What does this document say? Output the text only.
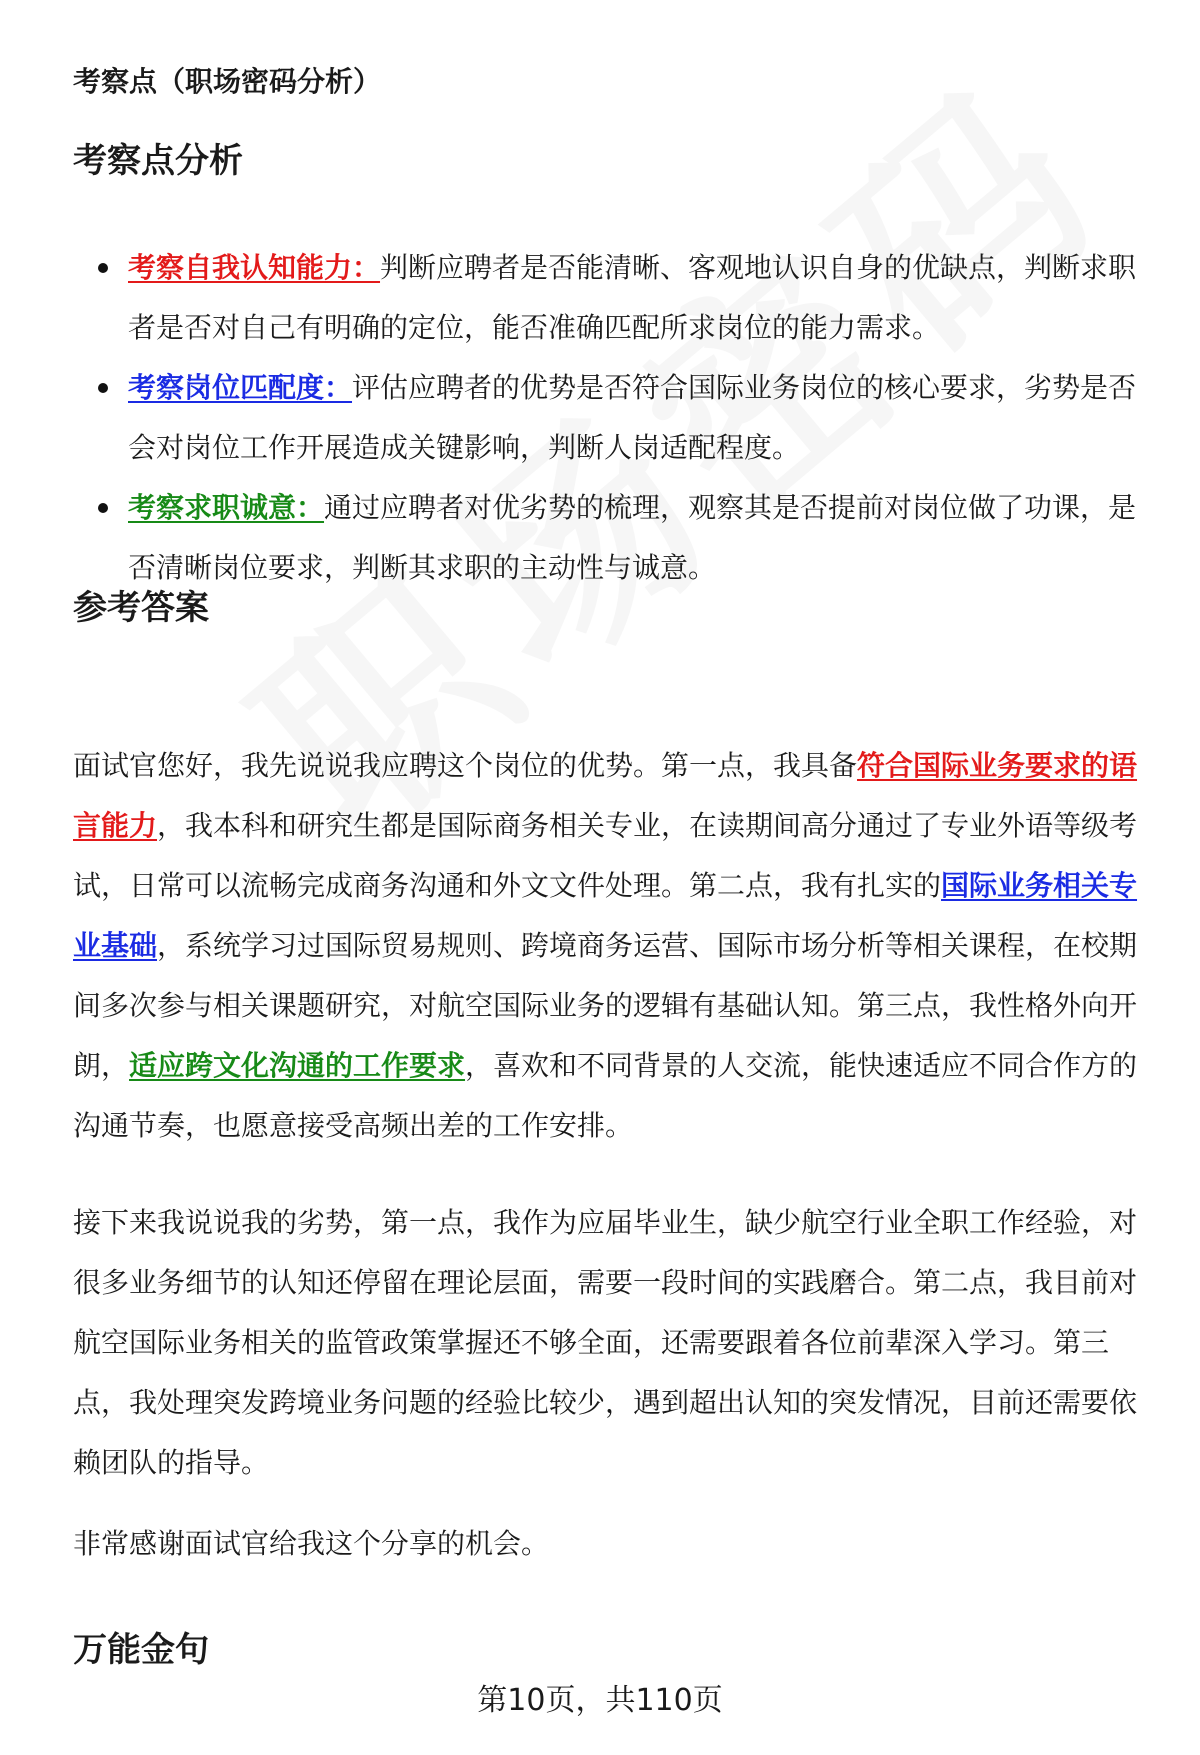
考察点（职场密码分析）
考察点分析
考察自我认知能力：判断应聘者是否能清晰、客观地认识自身的优缺点，判断求职者是否对自己有明确的定位，能否准确匹配所求岗位的能力需求。
考察岗位匹配度：评估应聘者的优势是否符合国际业务岗位的核心要求，劣势是否会对岗位工作开展造成关键影响，判断人岗适配程度。
考察求职诚意：通过应聘者对优劣势的梳理，观察其是否提前对岗位做了功课，是否清晰岗位要求，判断其求职的主动性与诚意。
参考答案

面试官您好，我先说说我应聘这个岗位的优势。第一点，我具备符合国际业务要求的语言能力，我本科和研究生都是国际商务相关专业，在读期间高分通过了专业外语等级考试，日常可以流畅完成商务沟通和外文文件处理。第二点，我有扎实的国际业务相关专业基础，系统学习过国际贸易规则、跨境商务运营、国际市场分析等相关课程，在校期间多次参与相关课题研究，对航空国际业务的逻辑有基础认知。第三点，我性格外向开朗，适应跨文化沟通的工作要求，喜欢和不同背景的人交流，能快速适应不同合作方的沟通节奏，也愿意接受高频出差的工作安排。

接下来我说说我的劣势，第一点，我作为应届毕业生，缺少航空行业全职工作经验，对很多业务细节的认知还停留在理论层面，需要一段时间的实践磨合。第二点，我目前对航空国际业务相关的监管政策掌握还不够全面，还需要跟着各位前辈深入学习。第三点，我处理突发跨境业务问题的经验比较少，遇到超出认知的突发情况，目前还需要依赖团队的指导。

非常感谢面试官给我这个分享的机会。

万能金句
第10页，共110页
